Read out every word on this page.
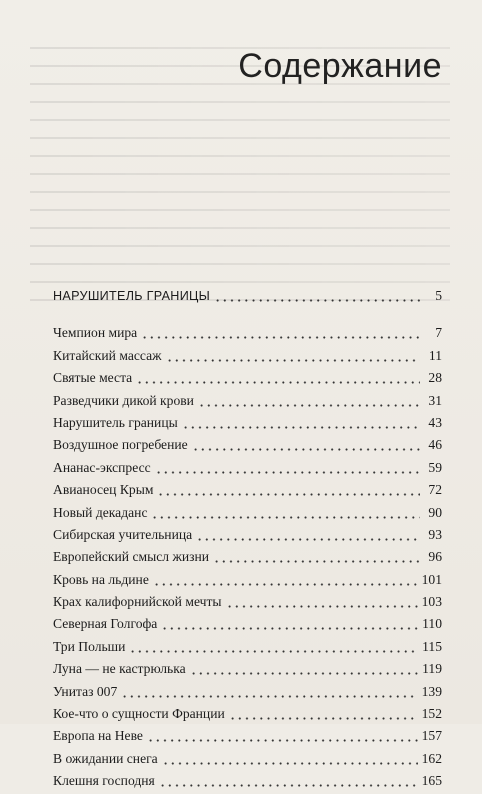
Содержание
НАРУШИТЕЛЬ ГРАНИЦЫ	5
Чемпион мира	7
Китайский массаж	11
Святые места	28
Разведчики дикой крови	31
Нарушитель границы	43
Воздушное погребение	46
Ананас-экспресс	59
Авианосец Крым	72
Новый декаданс	90
Сибирская учительница	93
Европейский смысл жизни	96
Кровь на льдине	101
Крах калифорнийской мечты	103
Северная Голгофа	110
Три Польши	115
Луна — не кастрюлька	119
Унитаз 007	139
Кое-что о сущности Франции	152
Европа на Неве	157
В ожидании снега	162
Клешня господня	165
